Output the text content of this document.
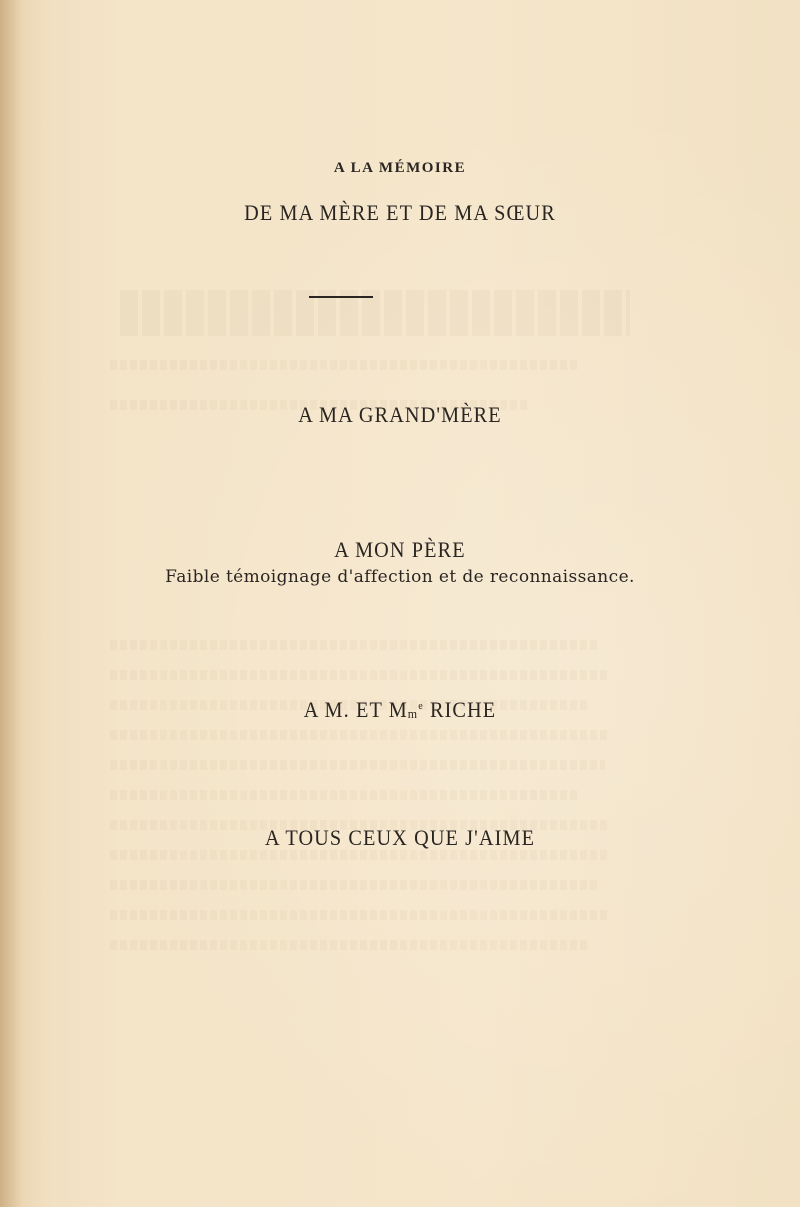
A LA MÉMOIRE
DE MA MÈRE ET DE MA SŒUR
A MA GRAND'MÈRE
A MON PÈRE
Faible témoignage d'affection et de reconnaissance.
A M. ET Mm$^e$ RICHE
A TOUS CEUX QUE J'AIME
